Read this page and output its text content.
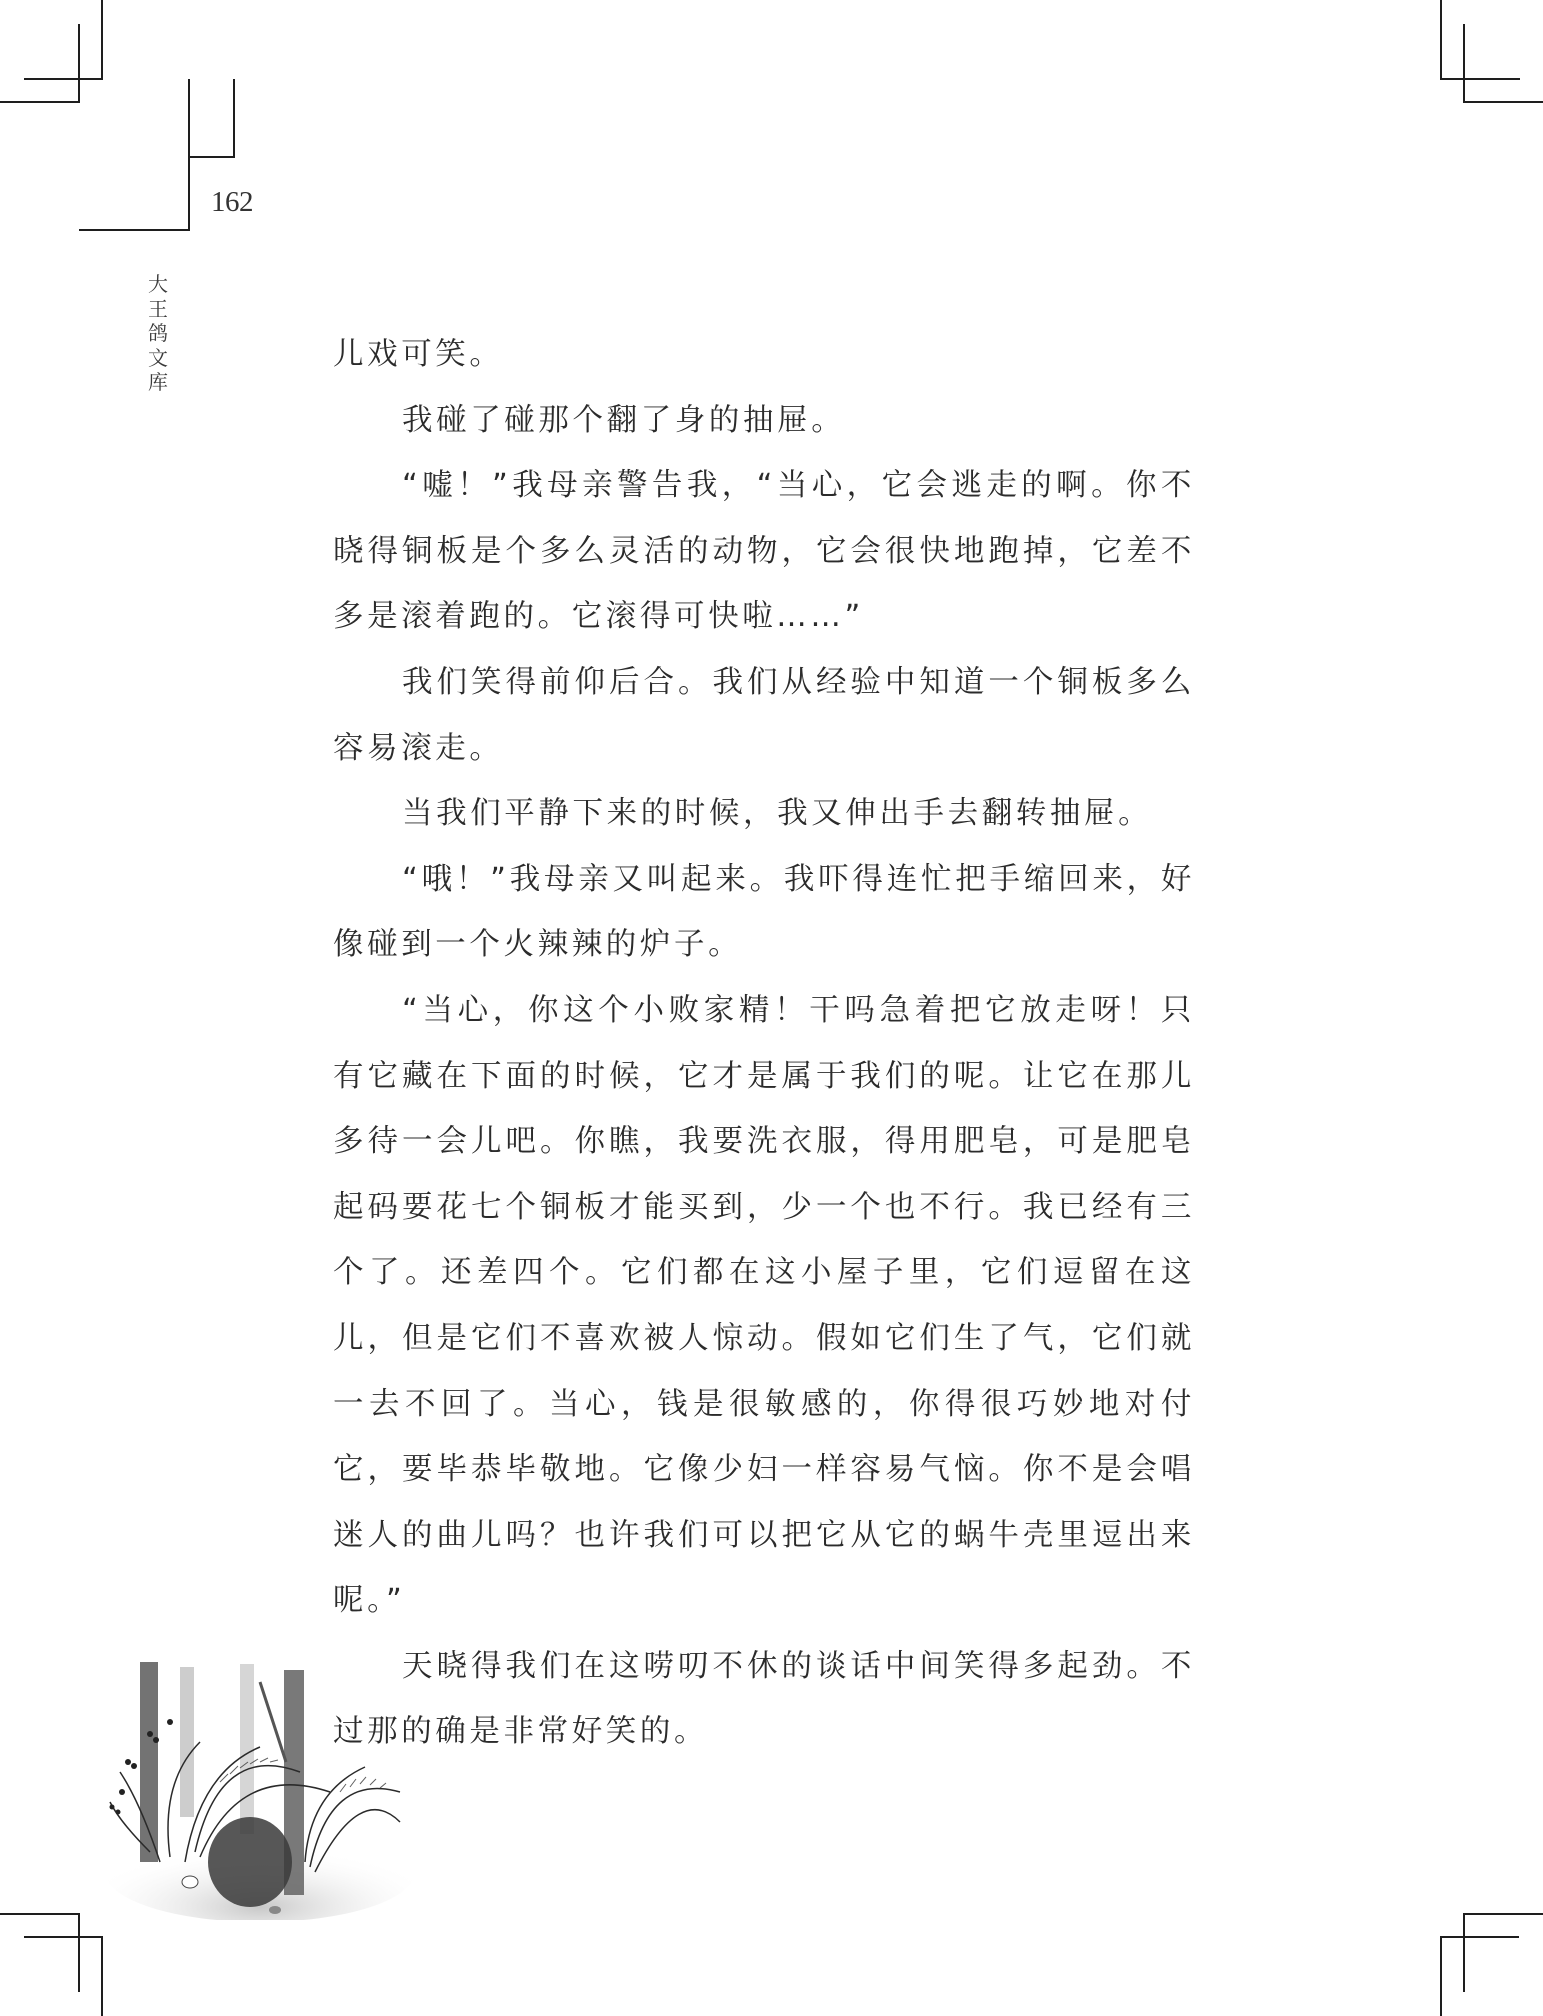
162
大王鸽文库

儿戏可笑。

我碰了碰那个翻了身的抽屉。

“嘘！”我母亲警告我，“当心，它会逃走的啊。你不晓得铜板是个多么灵活的动物，它会很快地跑掉，它差不多是滚着跑的。它滚得可快啦……”

我们笑得前仰后合。我们从经验中知道一个铜板多么容易滚走。

当我们平静下来的时候，我又伸出手去翻转抽屉。

“哦！”我母亲又叫起来。我吓得连忙把手缩回来，好像碰到一个火辣辣的炉子。

“当心，你这个小败家精！干吗急着把它放走呀！只有它藏在下面的时候，它才是属于我们的呢。让它在那儿多待一会儿吧。你瞧，我要洗衣服，得用肥皂，可是肥皂起码要花七个铜板才能买到，少一个也不行。我已经有三个了。还差四个。它们都在这小屋子里，它们逗留在这儿，但是它们不喜欢被人惊动。假如它们生了气，它们就一去不回了。当心，钱是很敏感的，你得很巧妙地对付它，要毕恭毕敬地。它像少妇一样容易气恼。你不是会唱迷人的曲儿吗？也许我们可以把它从它的蜗牛壳里逗出来呢。”

天晓得我们在这唠叨不休的谈话中间笑得多起劲。不过那的确是非常好笑的。
